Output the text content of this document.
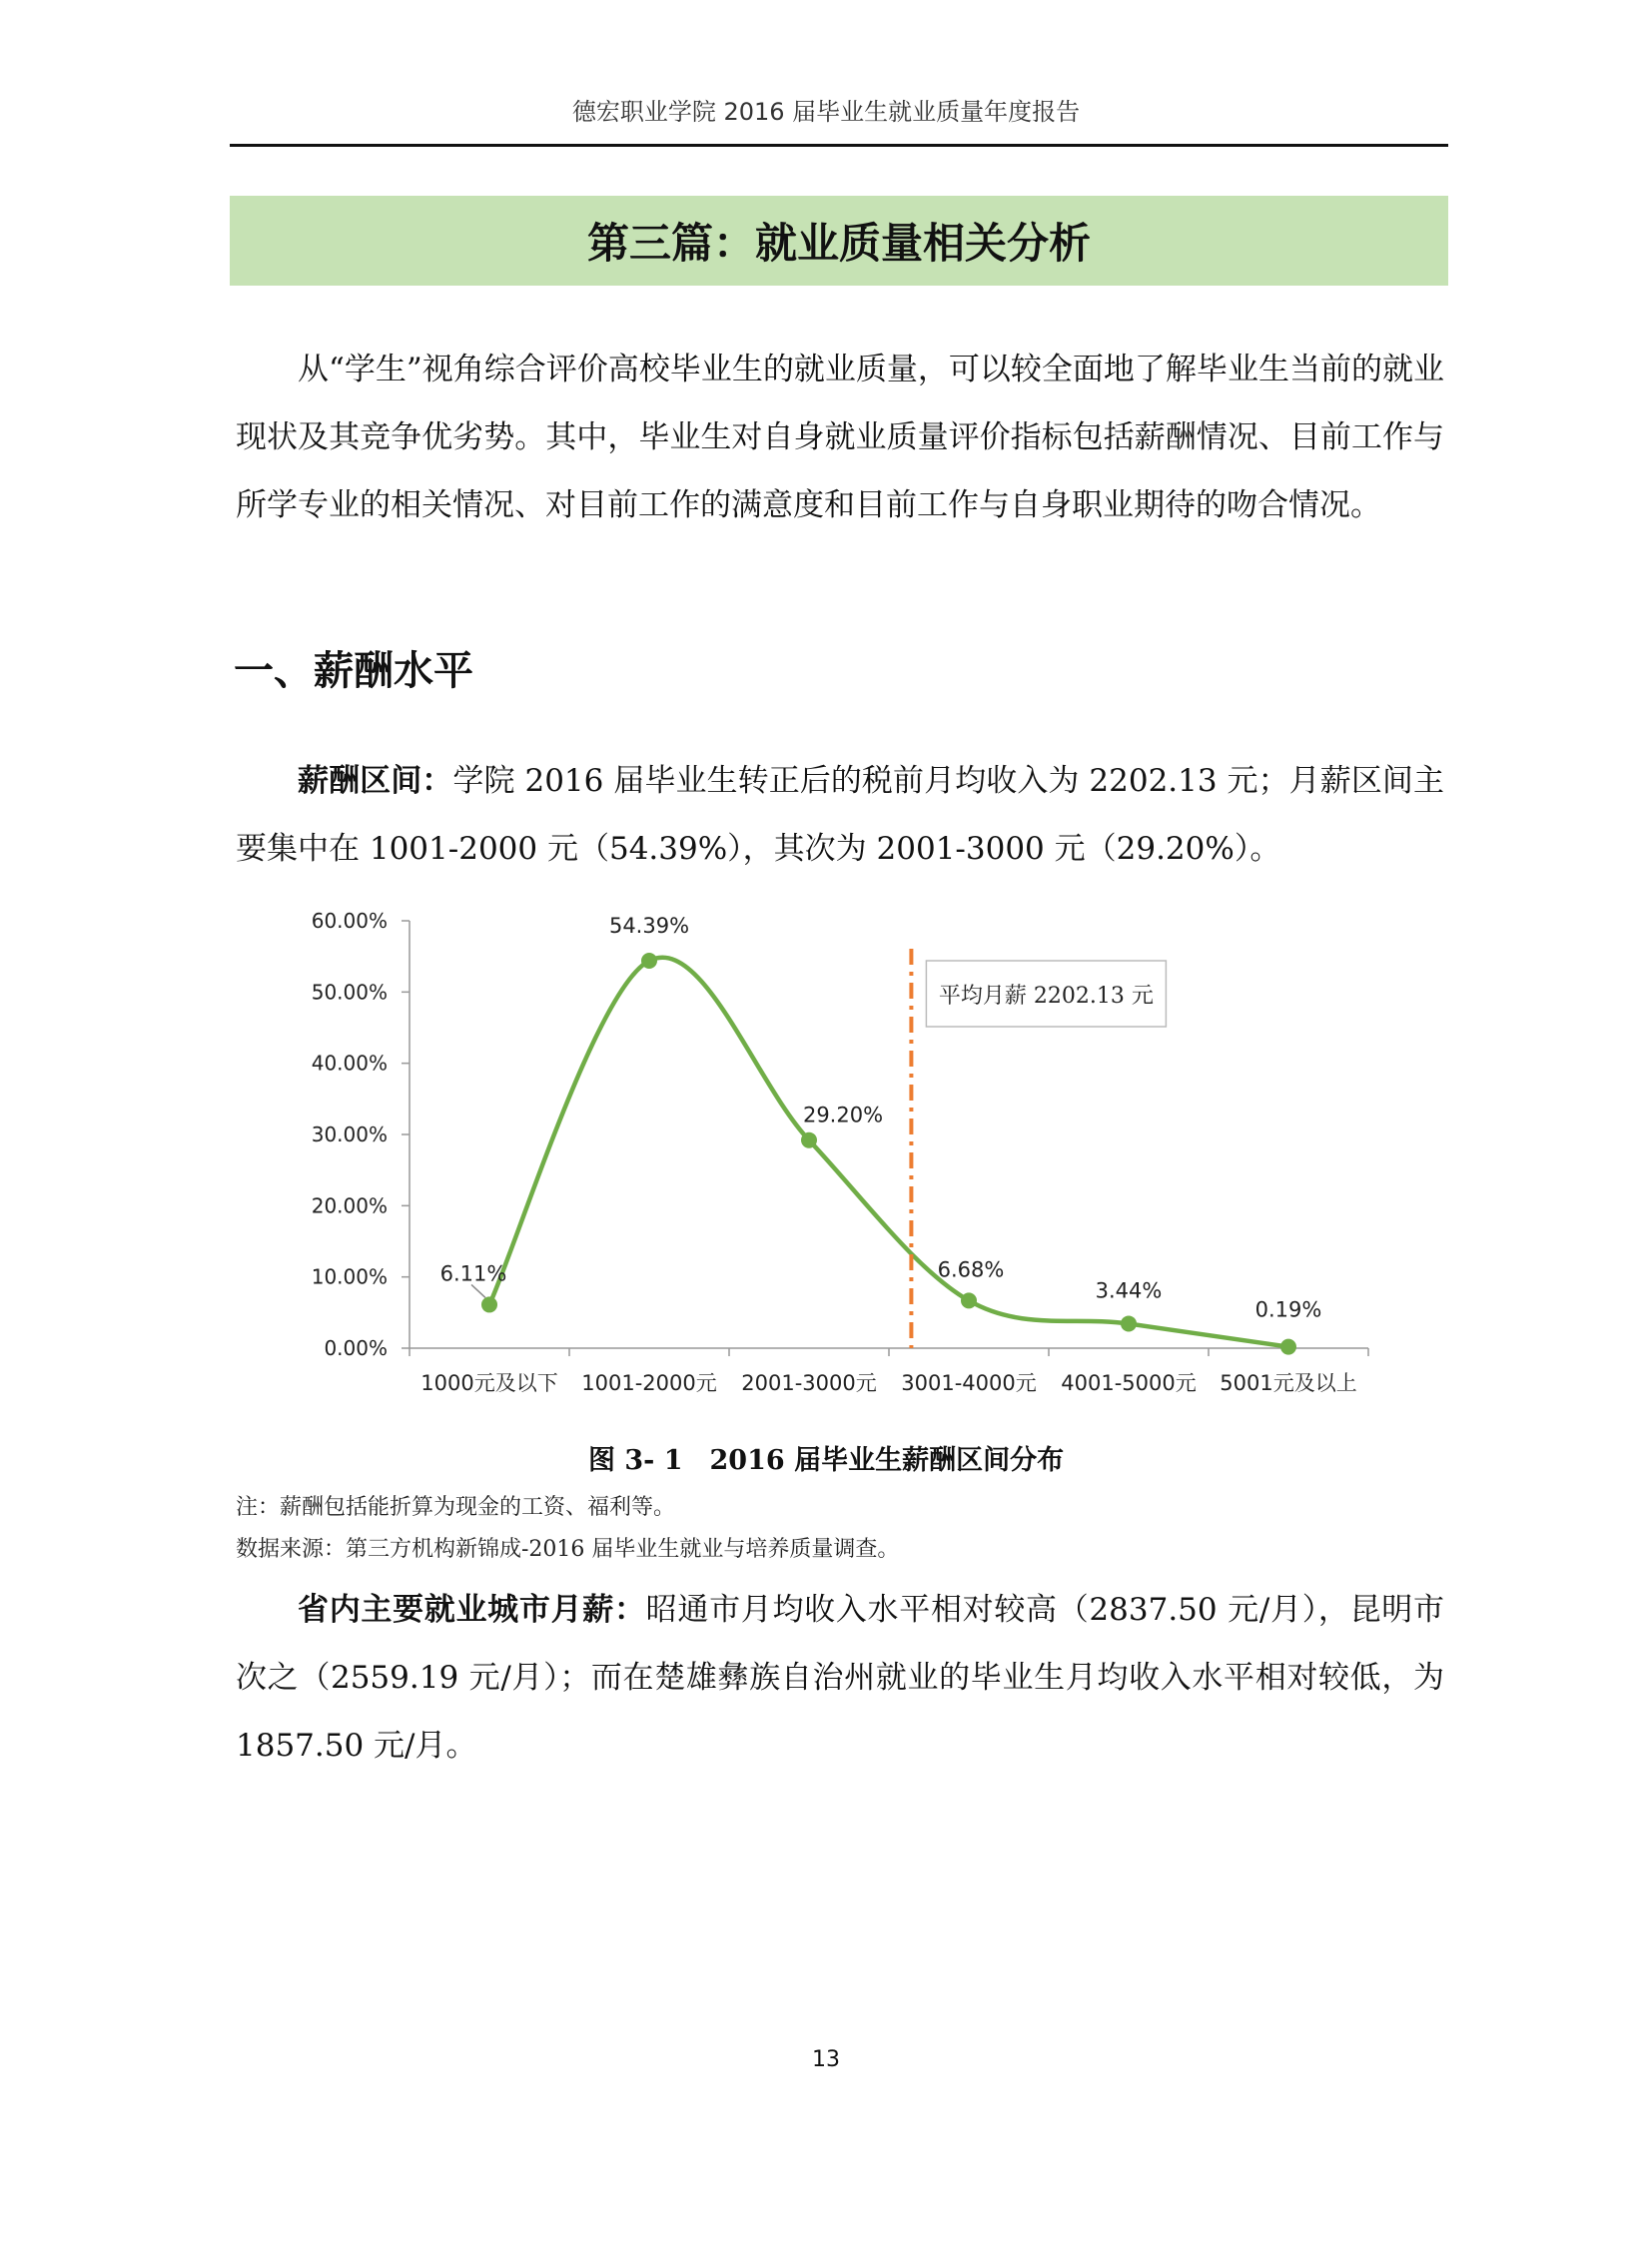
德宏职业学院 2016 届毕业生就业质量年度报告
第三篇：就业质量相关分析

从“学生”视角综合评价高校毕业生的就业质量，可以较全面地了解毕业生当前的就业现状及其竞争优劣势。其中，毕业生对自身就业质量评价指标包括薪酬情况、目前工作与所学专业的相关情况、对目前工作的满意度和目前工作与自身职业期待的吻合情况。

一、薪酬水平

薪酬区间：学院 2016 届毕业生转正后的税前月均收入为 2202.13 元；月薪区间主要集中在 1001-2000 元（54.39%），其次为 2001-3000 元（29.20%）。

0.00%
10.00%
20.00%
30.00%
40.00%
50.00%
60.00%
1000元及以下 1001-2000元 2001-3000元 3001-4000元 4001-5000元 5001元及以上
平均月薪 2202.13 元
6.11%
54.39%
29.20%
6.68%
3.44%
0.19%
图 3- 1　2016 届毕业生薪酬区间分布
注：薪酬包括能折算为现金的工资、福利等。
数据来源：第三方机构新锦成-2016 届毕业生就业与培养质量调查。

省内主要就业城市月薪：昭通市月均收入水平相对较高（2837.50 元/月），昆明市次之（2559.19 元/月）；而在楚雄彝族自治州就业的毕业生月均收入水平相对较低，为 1857.50 元/月。

13
